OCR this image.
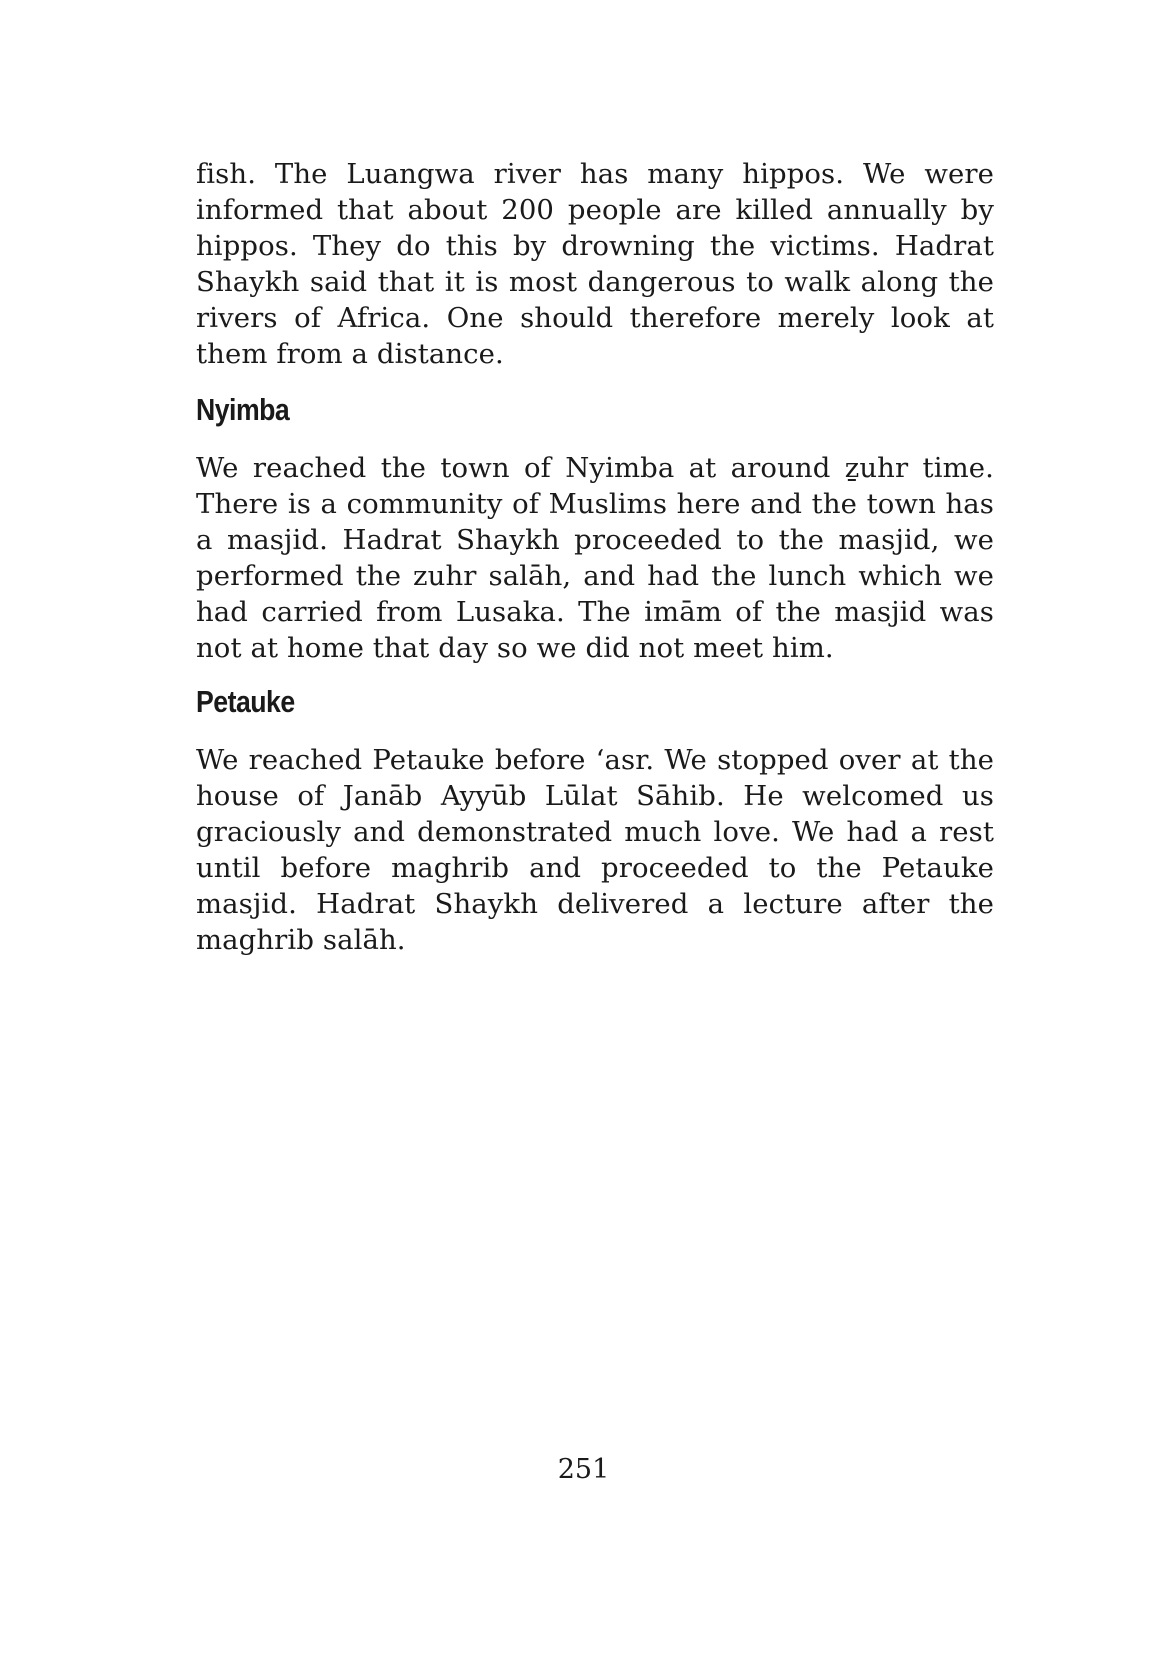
fish. The Luangwa river has many hippos. We were informed that about 200 people are killed annually by hippos. They do this by drowning the victims. Hadrat Shaykh said that it is most dangerous to walk along the rivers of Africa. One should therefore merely look at them from a distance.

Nyimba

We reached the town of Nyimba at around ẕuhr time. There is a community of Muslims here and the town has a masjid. Hadrat Shaykh proceeded to the masjid, we performed the zuhr salāh, and had the lunch which we had carried from Lusaka. The imām of the masjid was not at home that day so we did not meet him.

Petauke

We reached Petauke before ‘asr. We stopped over at the house of Janāb Ayyūb Lūlat Sāhib. He welcomed us graciously and demonstrated much love. We had a rest until before maghrib and proceeded to the Petauke masjid. Hadrat Shaykh delivered a lecture after the maghrib salāh.

251
